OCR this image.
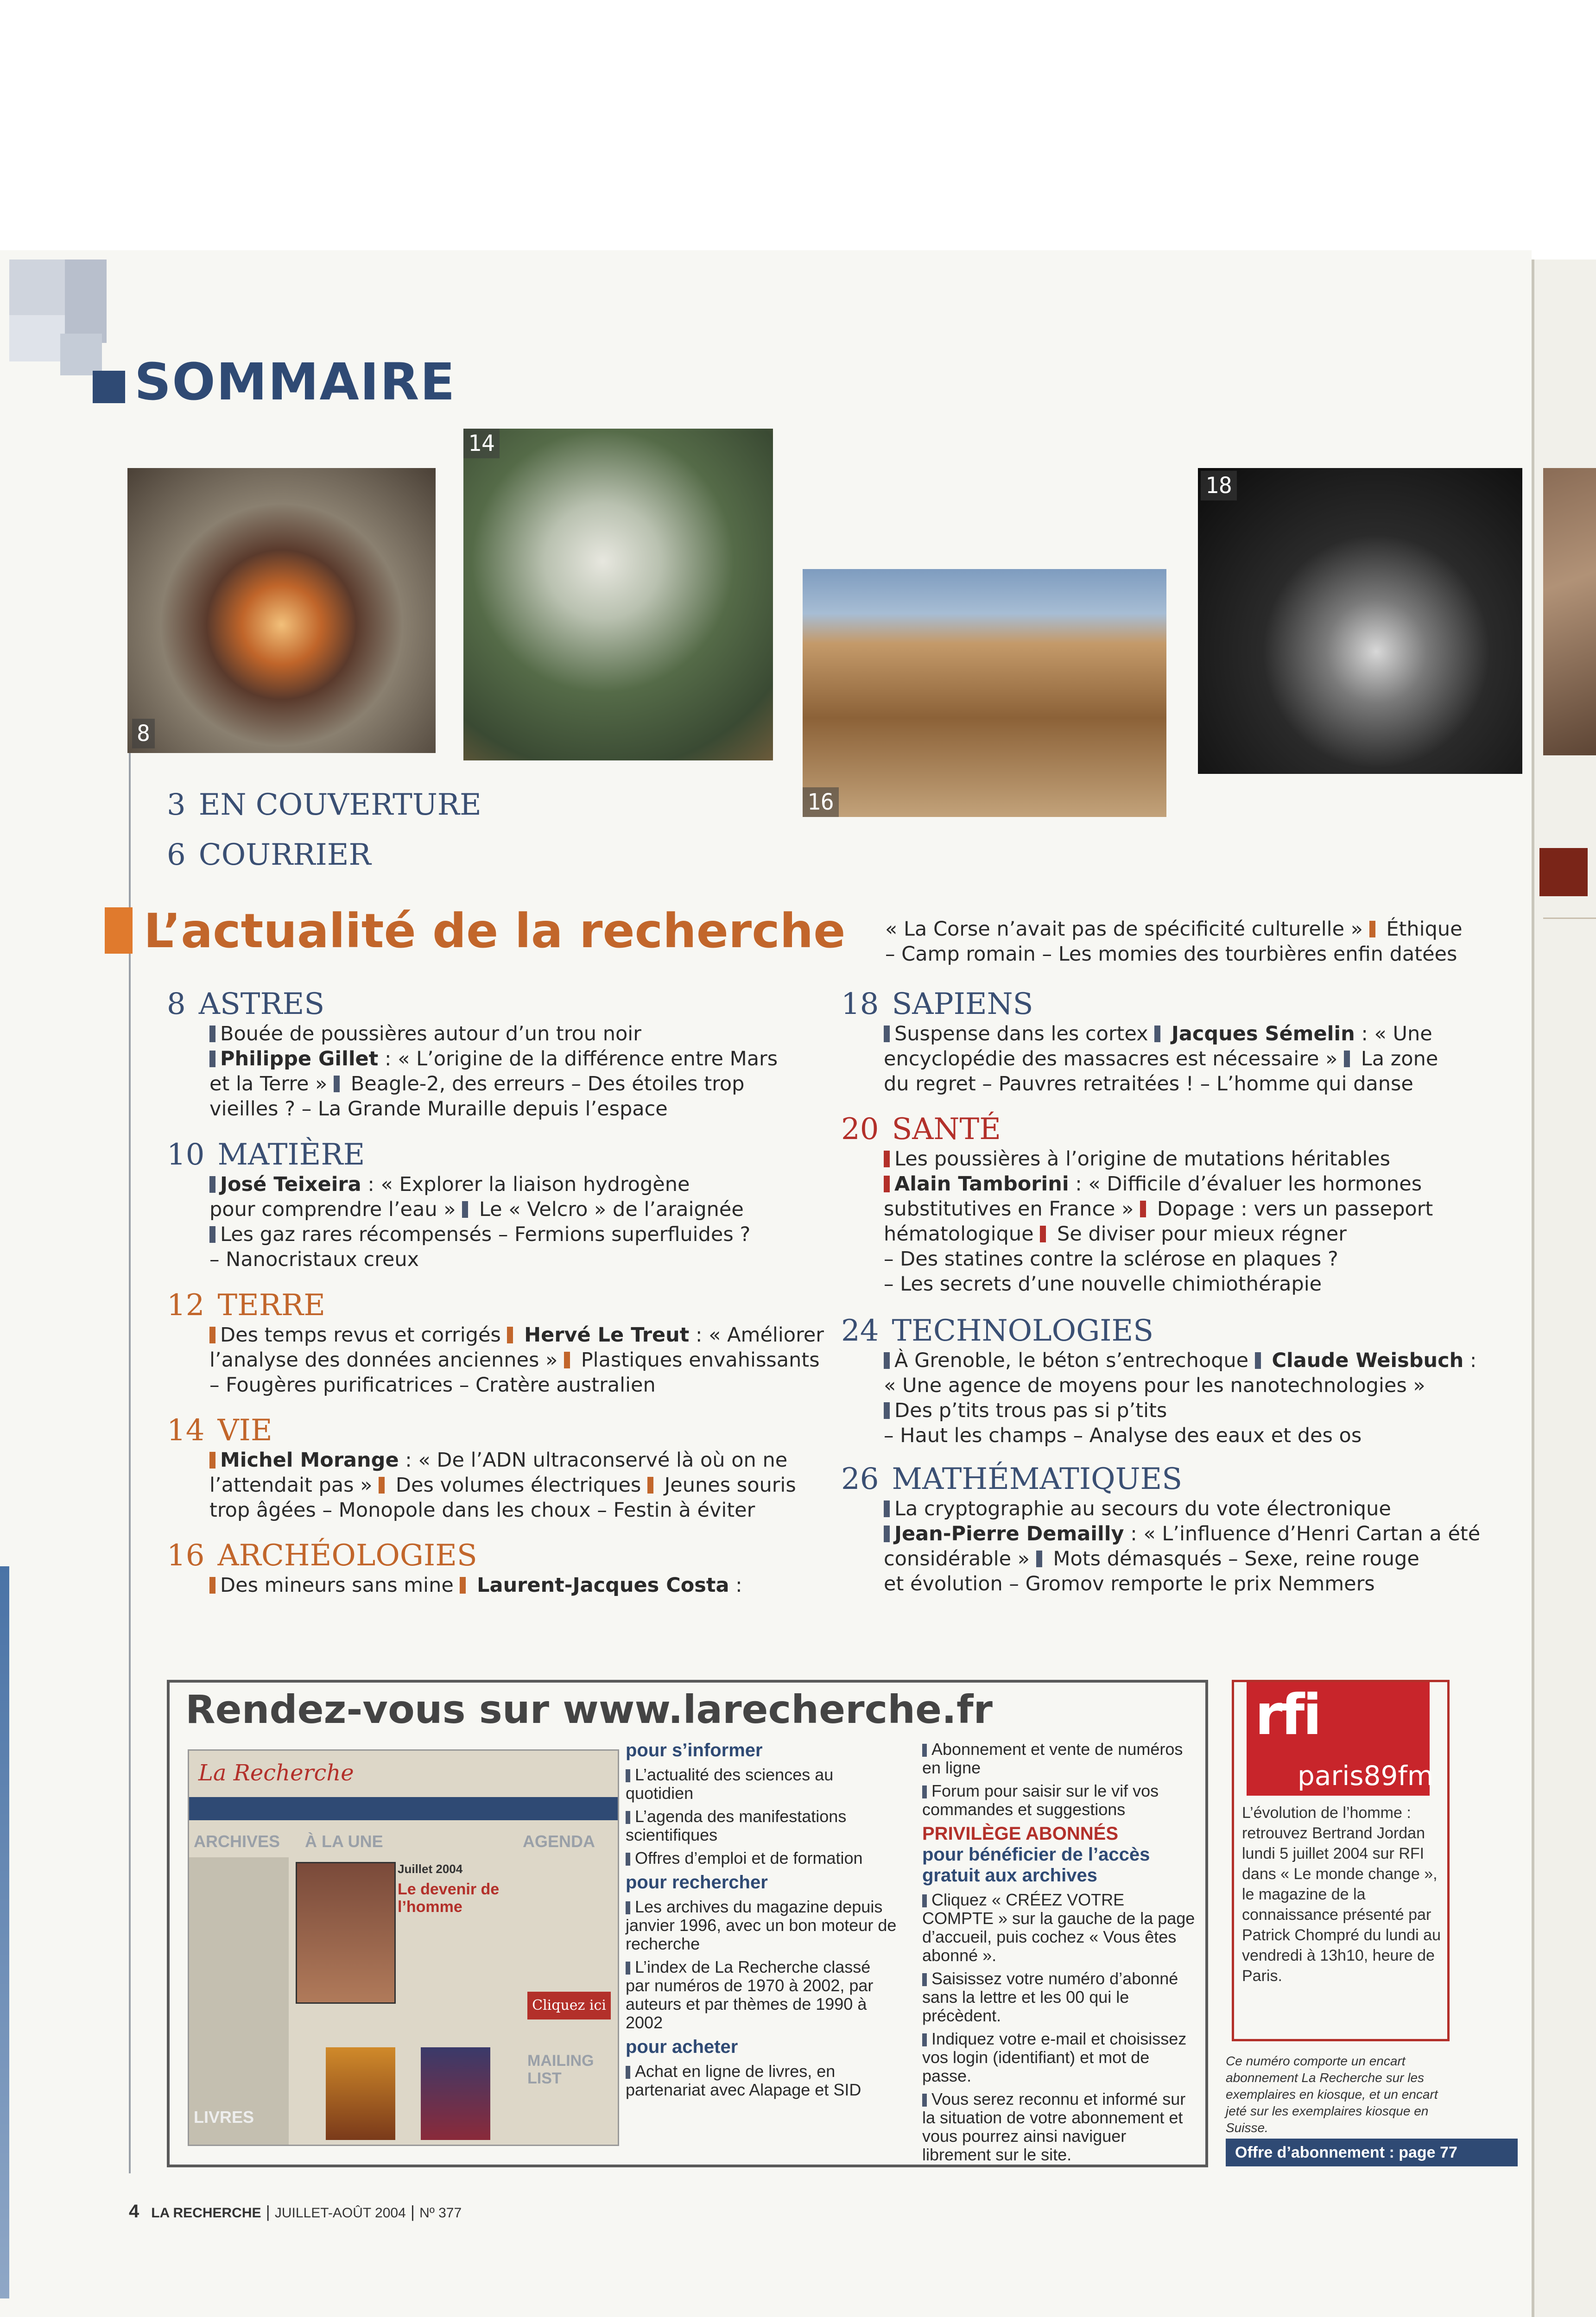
SOMMAIRE
8
14
16
18
3 EN COUVERTURE
6 COURRIER
L’actualité de la recherche
8 ASTRES
Bouée de poussières autour d’un trou noir
Philippe Gillet : « L’origine de la différence entre Mars
et la Terre »  Beagle-2, des erreurs – Des étoiles trop
vieilles ? – La Grande Muraille depuis l’espace
10 MATIÈRE
José Teixeira : « Explorer la liaison hydrogène
pour comprendre l’eau »  Le « Velcro » de l’araignée
Les gaz rares récompensés – Fermions superfluides ?
– Nanocristaux creux
12 TERRE
Des temps revus et corrigés  Hervé Le Treut : « Améliorer
l’analyse des données anciennes »  Plastiques envahissants
– Fougères purificatrices – Cratère australien
14 VIE
Michel Morange : « De l’ADN ultraconservé là où on ne
l’attendait pas »  Des volumes électriques  Jeunes souris
trop âgées – Monopole dans les choux – Festin à éviter
16 ARCHÉOLOGIES
Des mineurs sans mine  Laurent-Jacques Costa :
« La Corse n’avait pas de spécificité culturelle »  Éthique
– Camp romain – Les momies des tourbières enfin datées
18 SAPIENS
Suspense dans les cortex  Jacques Sémelin : « Une
encyclopédie des massacres est nécessaire »  La zone
du regret – Pauvres retraitées ! – L’homme qui danse
20 SANTÉ
Les poussières à l’origine de mutations héritables
Alain Tamborini : « Difficile d’évaluer les hormones
substitutives en France »  Dopage : vers un passeport
hématologique  Se diviser pour mieux régner
– Des statines contre la sclérose en plaques ?
– Les secrets d’une nouvelle chimiothérapie
24 TECHNOLOGIES
À Grenoble, le béton s’entrechoque  Claude Weisbuch :
« Une agence de moyens pour les nanotechnologies »
Des p’tits trous pas si p’tits
– Haut les champs – Analyse des eaux et des os
26 MATHÉMATIQUES
La cryptographie au secours du vote électronique
Jean-Pierre Demailly : « L’influence d’Henri Cartan a été
considérable »  Mots démasqués – Sexe, reine rouge
et évolution – Gromov remporte le prix Nemmers
Rendez-vous sur www.larecherche.fr
La Recherche
ARCHIVES À LA UNE	AGENDA
Juillet 2004
Le devenir de l’homme
LIVRES
Cliquez ici
MAILING LIST
pour s’informer

L’actualité des sciences au quotidien

L’agenda des manifestations scientifiques

Offres d’emploi et de formation

pour rechercher

Les archives du magazine depuis janvier 1996, avec un bon moteur de recherche

L’index de La Recherche classé par numéros de 1970 à 2002, par auteurs et par thèmes de 1990 à 2002

pour acheter

Achat en ligne de livres, en partenariat avec Alapage et SID

Abonnement et vente de numéros en ligne

Forum pour saisir sur le vif vos commandes et suggestions

PRIVILÈGE ABONNÉS
pour bénéficier de l’accès gratuit aux archives

Cliquez « CRÉEZ VOTRE COMPTE » sur la gauche de la page d’accueil, puis cochez « Vous êtes abonné ».

Saisissez votre numéro d’abonné sans la lettre et les 00 qui le précèdent.

Indiquez votre e-mail et choisissez vos login (identifiant) et mot de passe.

Vous serez reconnu et informé sur la situation de votre abonnement et vous pourrez ainsi naviguer librement sur le site.

rfi
paris89fm
L’évolution de l’homme : retrouvez Bertrand Jordan lundi 5 juillet 2004 sur RFI dans « Le monde change », le magazine de la connaissance présenté par Patrick Chompré du lundi au vendredi à 13h10, heure de Paris.
Ce numéro comporte un encart abonnement La Recherche sur les exemplaires en kiosque, et un encart jeté sur les exemplaires kiosque en Suisse.
Offre d’abonnement : page 77
4 LA RECHERCHE | JUILLET-AOÛT 2004 | Nº 377
